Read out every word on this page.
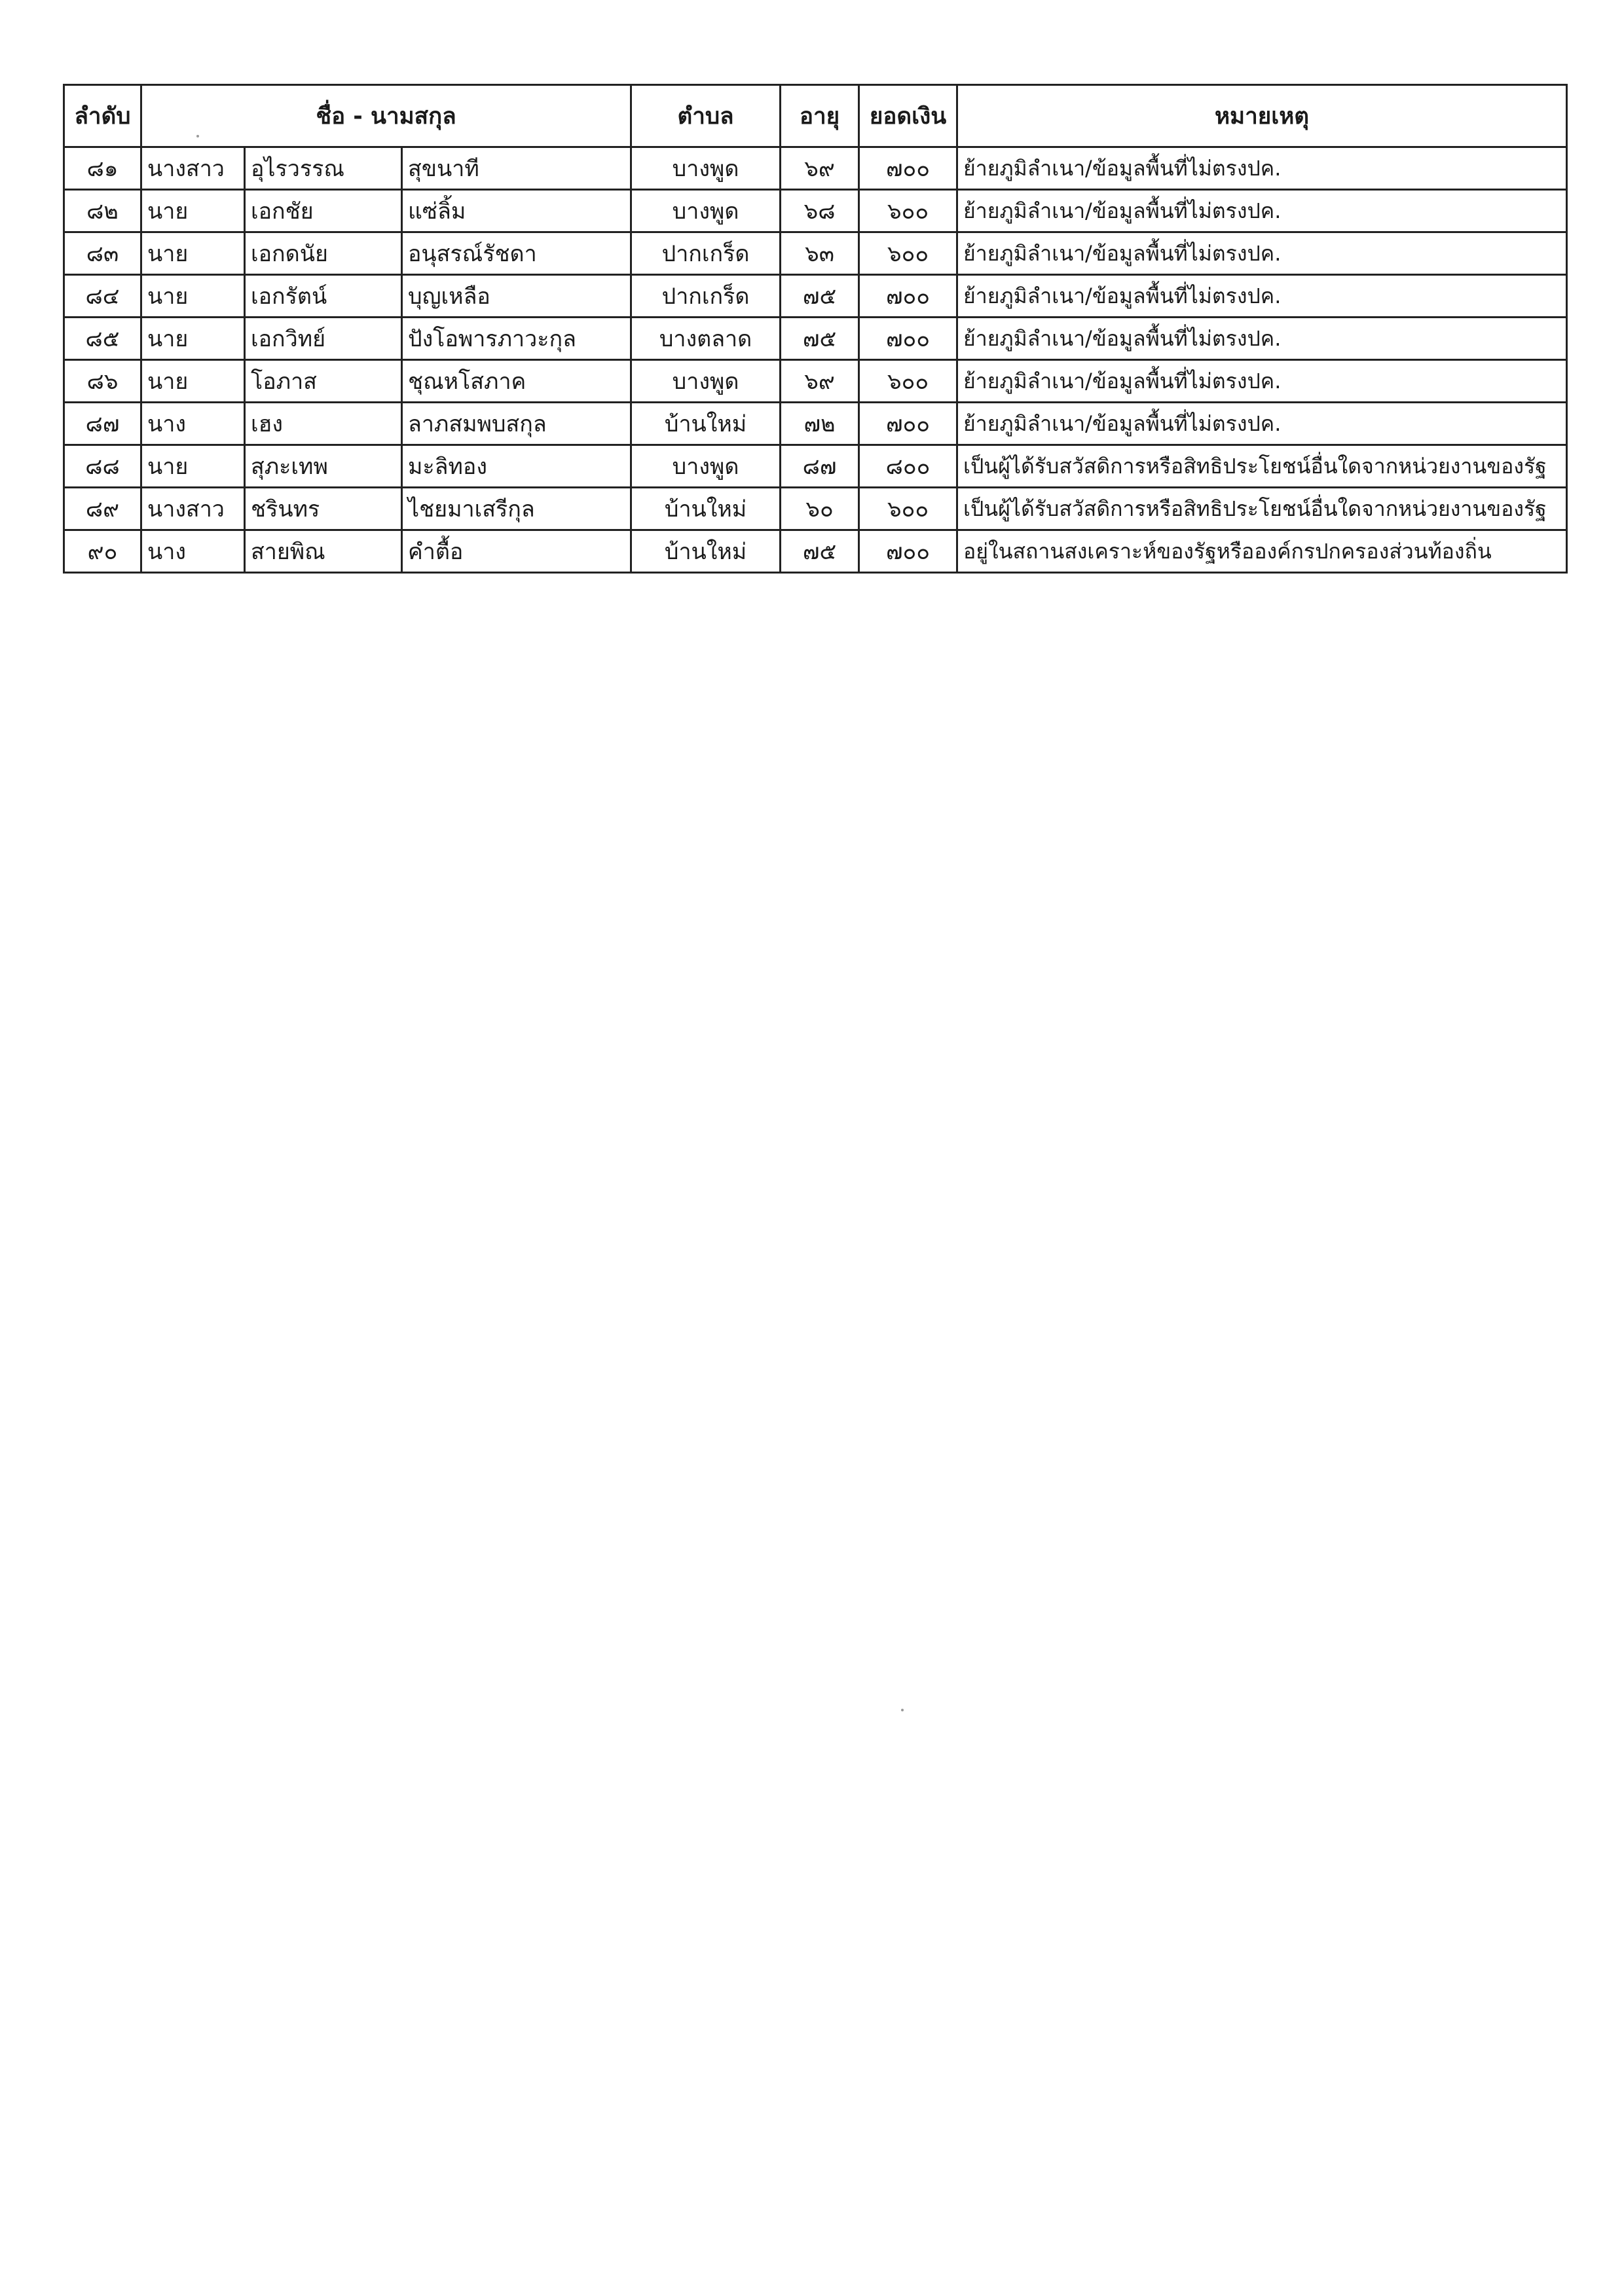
ลำดับ	ชื่อ - นามสกุล			ตำบล	อายุ	ยอดเงิน	หมายเหตุ
๘๑	นางสาว	อุไรวรรณ	สุขนาที	บางพูด	๖๙	๗๐๐	ย้ายภูมิลำเนา/ข้อมูลพื้นที่ไม่ตรงปค.
๘๒	นาย	เอกชัย	แซ่ลิ้ม	บางพูด	๖๘	๖๐๐	ย้ายภูมิลำเนา/ข้อมูลพื้นที่ไม่ตรงปค.
๘๓	นาย	เอกดนัย	อนุสรณ์รัชดา	ปากเกร็ด	๖๓	๖๐๐	ย้ายภูมิลำเนา/ข้อมูลพื้นที่ไม่ตรงปค.
๘๔	นาย	เอกรัตน์	บุญเหลือ	ปากเกร็ด	๗๕	๗๐๐	ย้ายภูมิลำเนา/ข้อมูลพื้นที่ไม่ตรงปค.
๘๕	นาย	เอกวิทย์	ปังโอพารภาวะกุล	บางตลาด	๗๕	๗๐๐	ย้ายภูมิลำเนา/ข้อมูลพื้นที่ไม่ตรงปค.
๘๖	นาย	โอภาส	ชุณหโสภาค	บางพูด	๖๙	๖๐๐	ย้ายภูมิลำเนา/ข้อมูลพื้นที่ไม่ตรงปค.
๘๗	นาง	เฮง	ลาภสมพบสกุล	บ้านใหม่	๗๒	๗๐๐	ย้ายภูมิลำเนา/ข้อมูลพื้นที่ไม่ตรงปค.
๘๘	นาย	สุภะเทพ	มะลิทอง	บางพูด	๘๗	๘๐๐	เป็นผู้ได้รับสวัสดิการหรือสิทธิประโยชน์อื่นใดจากหน่วยงานของรัฐ
๘๙	นางสาว	ชรินทร	ไชยมาเสรีกุล	บ้านใหม่	๖๐	๖๐๐	เป็นผู้ได้รับสวัสดิการหรือสิทธิประโยชน์อื่นใดจากหน่วยงานของรัฐ
๙๐	นาง	สายพิณ	คำตื้อ	บ้านใหม่	๗๕	๗๐๐	อยู่ในสถานสงเคราะห์ของรัฐหรือองค์กรปกครองส่วนท้องถิ่น
